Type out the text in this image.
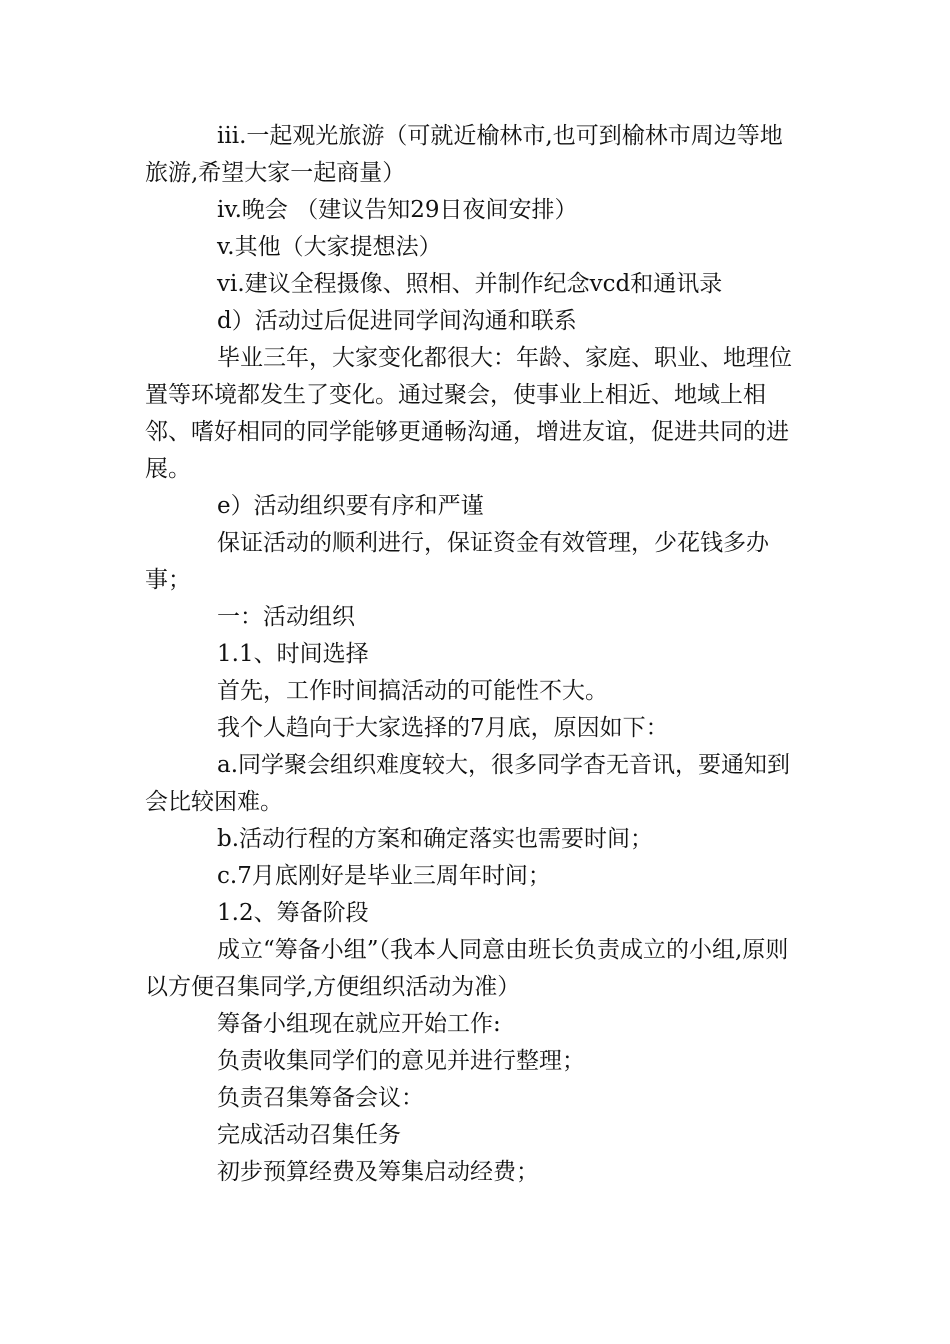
iii.一起观光旅游（可就近榆林市,也可到榆林市周边等地旅游,希望大家一起商量）

iv.晚会 （建议告知29日夜间安排）

v.其他（大家提想法）

vi.建议全程摄像、照相、并制作纪念vcd和通讯录

d）活动过后促进同学间沟通和联系

毕业三年，大家变化都很大：年龄、家庭、职业、地理位置等环境都发生了变化。通过聚会，使事业上相近、地域上相邻、嗜好相同的同学能够更通畅沟通，增进友谊，促进共同的进展。

e）活动组织要有序和严谨

保证活动的顺利进行，保证资金有效管理，少花钱多办事；

一：活动组织

1.1、时间选择

首先，工作时间搞活动的可能性不大。

我个人趋向于大家选择的7月底，原因如下：

a.同学聚会组织难度较大，很多同学杳无音讯，要通知到会比较困难。

b.活动行程的方案和确定落实也需要时间；

c.7月底刚好是毕业三周年时间；

1.2、筹备阶段

成立“筹备小组”（我本人同意由班长负责成立的小组,原则以方便召集同学,方便组织活动为准）

筹备小组现在就应开始工作:

负责收集同学们的意见并进行整理；

负责召集筹备会议：

完成活动召集任务

初步预算经费及筹集启动经费；
